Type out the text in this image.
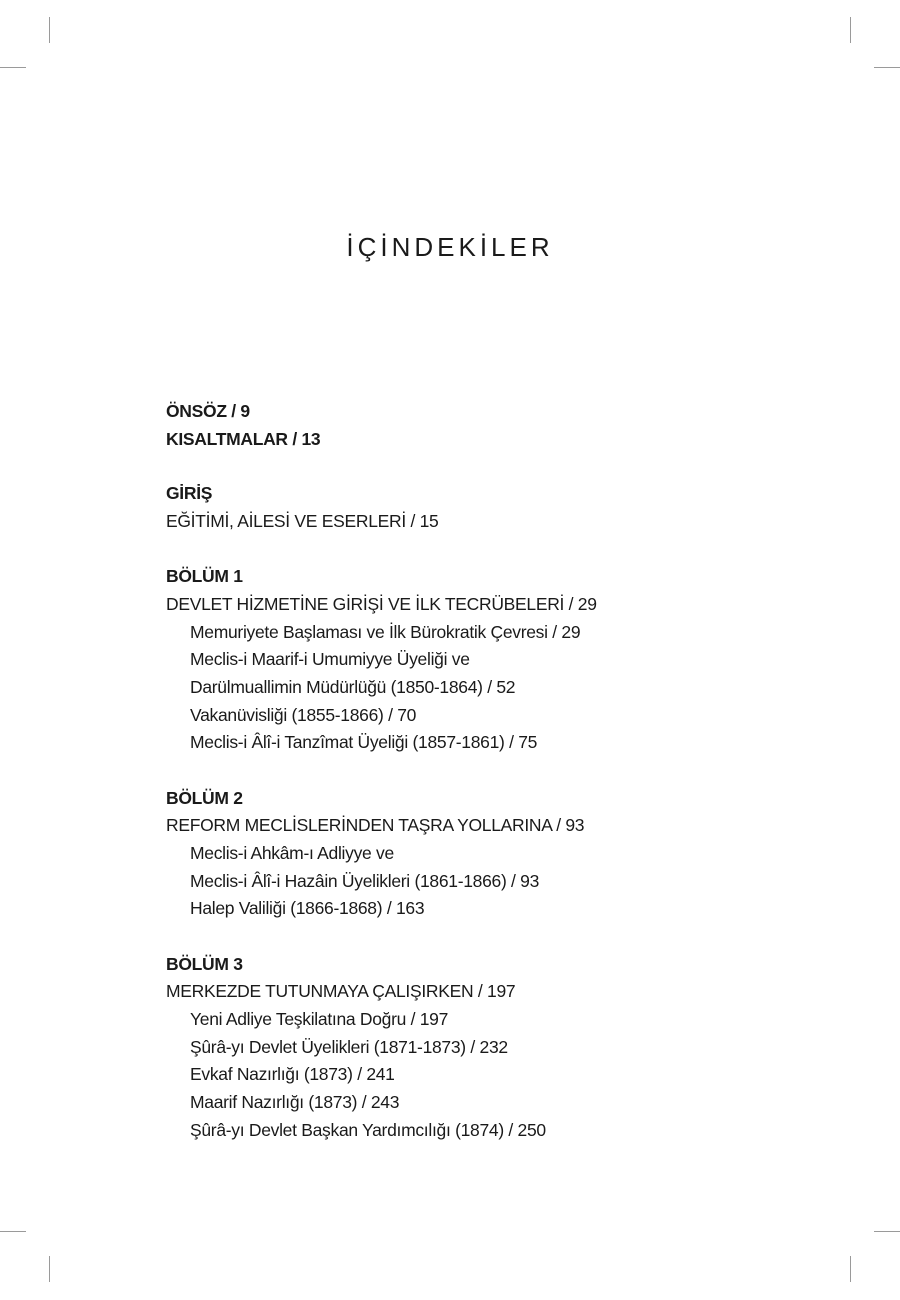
İÇİNDEKİLER
ÖNSÖZ / 9
KISALTMALAR / 13
GİRİŞ
EĞİTİMİ, AİLESİ VE ESERLERİ / 15
BÖLÜM 1
DEVLET HİZMETİNE GİRİŞİ VE İLK TECRÜBELERİ / 29
Memuriyete Başlaması ve İlk Bürokratik Çevresi / 29
Meclis-i Maarif-i Umumiyye Üyeliği ve
Darülmuallimin Müdürlüğü (1850-1864) / 52
Vakanüvisliği (1855-1866) / 70
Meclis-i Âlî-i Tanzîmat Üyeliği (1857-1861) / 75
BÖLÜM 2
REFORM MECLİSLERİNDEN TAŞRA YOLLARINA / 93
Meclis-i Ahkâm-ı Adliyye ve
Meclis-i Âlî-i Hazâin Üyelikleri (1861-1866) / 93
Halep Valiliği (1866-1868) / 163
BÖLÜM 3
MERKEZDE TUTUNMAYA ÇALIŞIRKEN / 197
Yeni Adliye Teşkilatına Doğru / 197
Şûrâ-yı Devlet Üyelikleri (1871-1873) / 232
Evkaf Nazırlığı (1873) / 241
Maarif Nazırlığı (1873) / 243
Şûrâ-yı Devlet Başkan Yardımcılığı (1874) / 250
